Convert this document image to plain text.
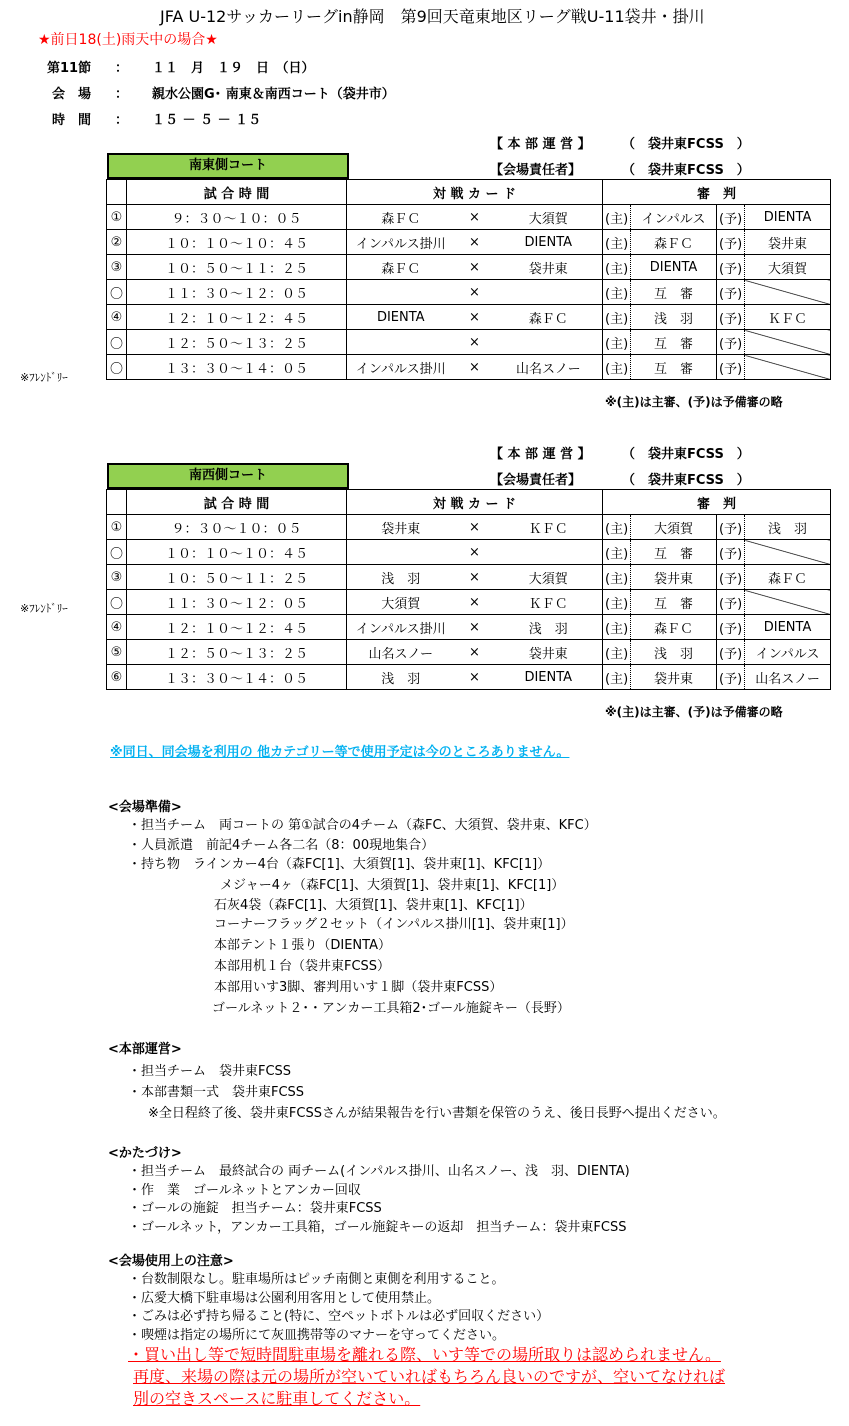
JFA U-12サッカーリーグin静岡　第9回天竜東地区リーグ戦U-11袋井・掛川
★前日18(土)雨天中の場合★
第11節 ： １１　月　１９　日　（日）
会　場 ： 親水公園G･ 南東＆南西コート（袋井市）
時　間 ： １５ － ５ － １５
【 本 部 運 営 】 （　袋井東FCSS　）
【会場責任者】	（　袋井東FCSS　）
南東側コート
	試 合 時 間	対 戦 カ ー ド			審　判			
①	９：３０～１０：０５	森ＦＣ	×	大須賀	(主)	インパルス	(予)	DIENTA
②	１０：１０～１０：４５	インパルス掛川	×	DIENTA	(主)	森ＦＣ	(予)	袋井東
③	１０：５０～１１：２５	森ＦＣ	×	袋井東	(主)	DIENTA	(予)	大須賀
〇	１１：３０～１２：０５		×		(主)	互　審	(予)	
④	１２：１０～１２：４５	DIENTA	×	森ＦＣ	(主)	浅　羽	(予)	ＫＦＣ
〇	１２：５０～１３：２５		×		(主)	互　審	(予)	
〇	１３：３０～１４：０５	インパルス掛川	×	山名スノー	(主)	互　審	(予)	
※ﾌﾚﾝﾄﾞﾘｰ
※(主)は主審、(予)は予備審の略
【 本 部 運 営 】 （　袋井東FCSS　）
【会場責任者】	（　袋井東FCSS　）
南西側コート
	試 合 時 間	対 戦 カ ー ド			審　判			
①	９：３０～１０：０５	袋井東	×	ＫＦＣ	(主)	大須賀	(予)	浅　羽
〇	１０：１０～１０：４５		×		(主)	互　審	(予)	
③	１０：５０～１１：２５	浅　羽	×	大須賀	(主)	袋井東	(予)	森ＦＣ
〇	１１：３０～１２：０５	大須賀	×	ＫＦＣ	(主)	互　審	(予)	
④	１２：１０～１２：４５	インパルス掛川	×	浅　羽	(主)	森ＦＣ	(予)	DIENTA
⑤	１２：５０～１３：２５	山名スノー	×	袋井東	(主)	浅　羽	(予)	インパルス
⑥	１３：３０～１４：０５	浅　羽	×	DIENTA	(主)	袋井東	(予)	山名スノー
※ﾌﾚﾝﾄﾞﾘｰ
※(主)は主審、(予)は予備審の略
※同日、同会場を利用の 他カテゴリー等で使用予定は今のところありません。
<会場準備>
・担当チーム　両コートの 第①試合の4チーム（森FC、大須賀、袋井東、KFC）
・人員派遣　前記4チーム各二名（8：00現地集合）
・持ち物　ラインカー4台（森FC[1]、大須賀[1]、袋井東[1]、KFC[1]）
メジャー4ヶ（森FC[1]、大須賀[1]、袋井東[1]、KFC[1]）
石灰4袋（森FC[1]、大須賀[1]、袋井東[1]、KFC[1]）
コーナーフラッグ２セット（インパルス掛川[1]、袋井東[1]）
本部テント１張り（DIENTA）
本部用机１台（袋井東FCSS）
本部用いす3脚、審判用いす１脚（袋井東FCSS）
ゴールネット２･・アンカー工具箱2･ゴール施錠キー（長野）
<本部運営>
・担当チーム　袋井東FCSS
・本部書類一式　袋井東FCSS
※全日程終了後、袋井東FCSSさんが結果報告を行い書類を保管のうえ、後日長野へ提出ください。
<かたづけ>
・担当チーム　最終試合の 両チーム(インパルス掛川、山名スノー、浅　羽、DIENTA)
・作　業　ゴールネットとアンカー回収
・ゴールの施錠　担当チーム：袋井東FCSS
・ゴールネット，アンカー工具箱，ゴール施錠キーの返却　担当チーム：袋井東FCSS
<会場使用上の注意>
・台数制限なし。駐車場所はピッチ南側と東側を利用すること。
・広愛大橋下駐車場は公園利用客用として使用禁止。
・ごみは必ず持ち帰ること(特に、空ペットボトルは必ず回収ください）
・喫煙は指定の場所にて灰皿携帯等のマナーを守ってください。
・買い出し等で短時間駐車場を離れる際、いす等での場所取りは認められません。
再度、来場の際は元の場所が空いていればもちろん良いのですが、空いてなければ
別の空きスペースに駐車してください。
